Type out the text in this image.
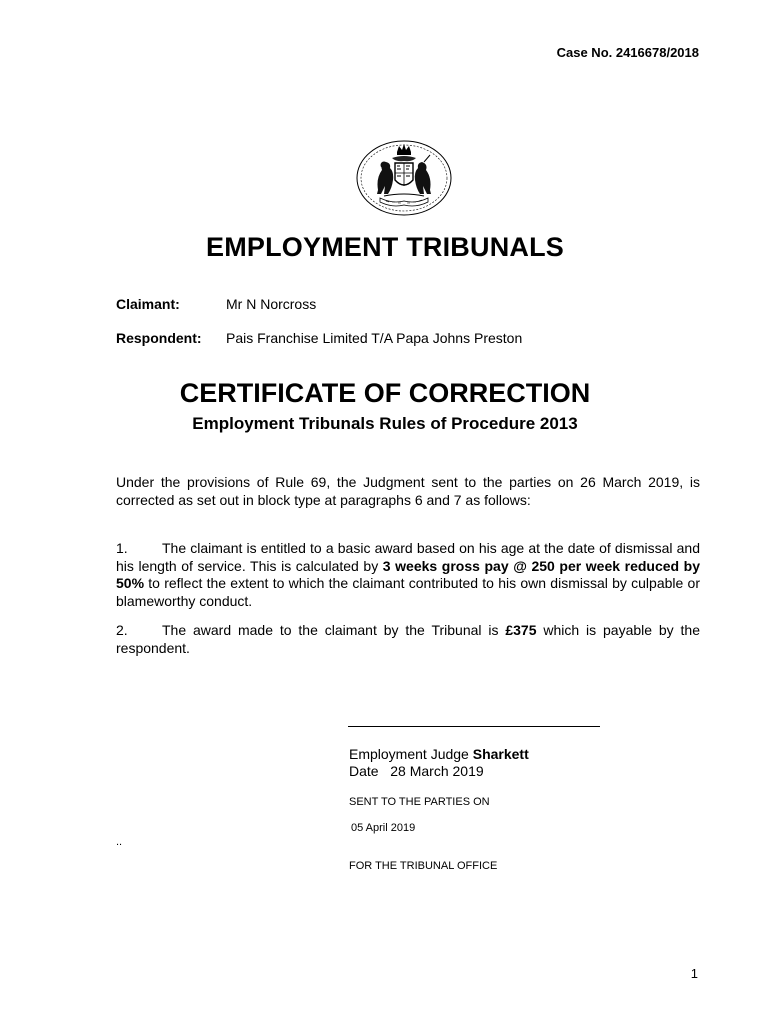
Case No. 2416678/2018
EMPLOYMENT TRIBUNALS
Claimant:	Mr N Norcross
Respondent: Pais Franchise Limited T/A Papa Johns Preston
CERTIFICATE OF CORRECTION
Employment Tribunals Rules of Procedure 2013
Under the provisions of Rule 69, the Judgment sent to the parties on 26 March 2019, is corrected as set out in block type at paragraphs 6 and 7 as follows:
1. The claimant is entitled to a basic award based on his age at the date of dismissal and his length of service. This is calculated by 3 weeks gross pay @ 250 per week reduced by 50% to reflect the extent to which the claimant contributed to his own dismissal by culpable or blameworthy conduct.
2. The award made to the claimant by the Tribunal is £375 which is payable by the respondent.
Employment Judge Sharkett
Date 28 March 2019
SENT TO THE PARTIES ON
05 April 2019
..
FOR THE TRIBUNAL OFFICE
1
